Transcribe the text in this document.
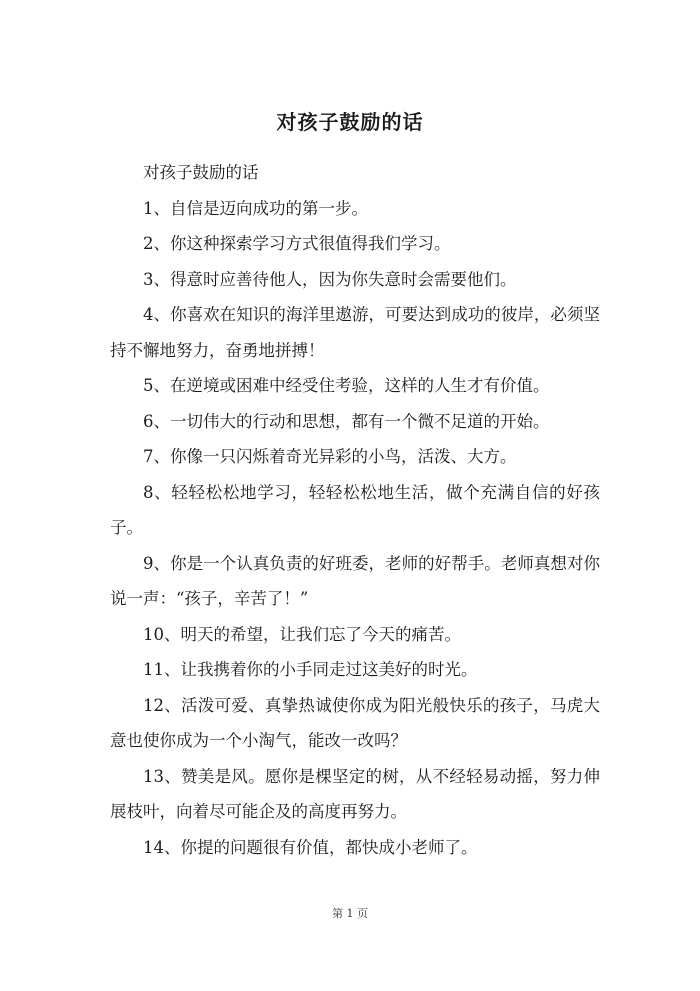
对孩子鼓励的话

对孩子鼓励的话

1、自信是迈向成功的第一步。

2、你这种探索学习方式很值得我们学习。

3、得意时应善待他人，因为你失意时会需要他们。

4、你喜欢在知识的海洋里遨游，可要达到成功的彼岸，必须坚持不懈地努力，奋勇地拼搏！

5、在逆境或困难中经受住考验，这样的人生才有价值。

6、一切伟大的行动和思想，都有一个微不足道的开始。

7、你像一只闪烁着奇光异彩的小鸟，活泼、大方。

8、轻轻松松地学习，轻轻松松地生活，做个充满自信的好孩子。

9、你是一个认真负责的好班委，老师的好帮手。老师真想对你说一声：“孩子，辛苦了！”

10、明天的希望，让我们忘了今天的痛苦。

11、让我携着你的小手同走过这美好的时光。

12、活泼可爱、真挚热诚使你成为阳光般快乐的孩子，马虎大意也使你成为一个小淘气，能改一改吗？

13、赞美是风。愿你是棵坚定的树，从不经轻易动摇，努力伸展枝叶，向着尽可能企及的高度再努力。

14、你提的问题很有价值，都快成小老师了。

第 1 页
